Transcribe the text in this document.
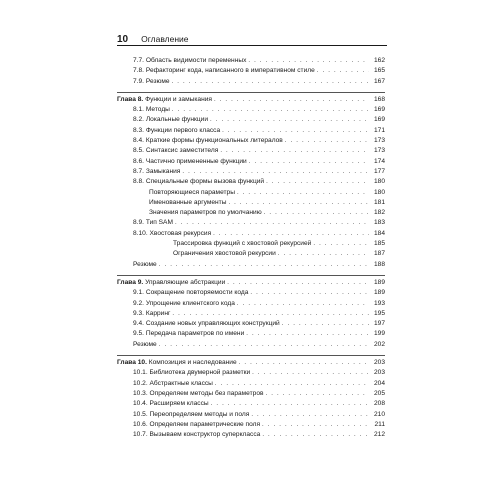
10 Оглавление
7.7. Область видимости переменных . . .	162
7.8. Рефакторинг кода, написанного в императивном стиле . . .	165
7.9. Резюме . . .	167
Глава 8. Функции и замыкания . . .	168
8.1. Методы . . .	169
8.2. Локальные функции . . .	169
8.3. Функции первого класса . . .	171
8.4. Краткие формы функциональных литералов . . .	173
8.5. Синтаксис заместителя . . .	173
8.6. Частично примененные функции . . .	174
8.7. Замыкания . . .	177
8.8. Специальные формы вызова функций . . .	180
Повторяющиеся параметры . . .	180
Именованные аргументы . . .	181
Значения параметров по умолчанию . . .	182
8.9. Тип SAM . . .	183
8.10. Хвостовая рекурсия . . .	184
Трассировка функций с хвостовой рекурсией . . .	185
Ограничения хвостовой рекурсии . . .	187
Резюме . . .	188
Глава 9. Управляющие абстракции . . .	189
9.1. Сокращение повторяемости кода . . .	189
9.2. Упрощение клиентского кода . . .	193
9.3. Карринг . . .	195
9.4. Создание новых управляющих конструкций . . .	197
9.5. Передача параметров по имени . . .	199
Резюме . . .	202
Глава 10. Композиция и наследование . . .	203
10.1. Библиотека двумерной разметки . . .	203
10.2. Абстрактные классы . . .	204
10.3. Определяем методы без параметров . . .	205
10.4. Расширяем классы . . .	208
10.5. Переопределяем методы и поля . . .	210
10.6. Определяем параметрические поля . . .	211
10.7. Вызываем конструктор суперкласса . . .	212
